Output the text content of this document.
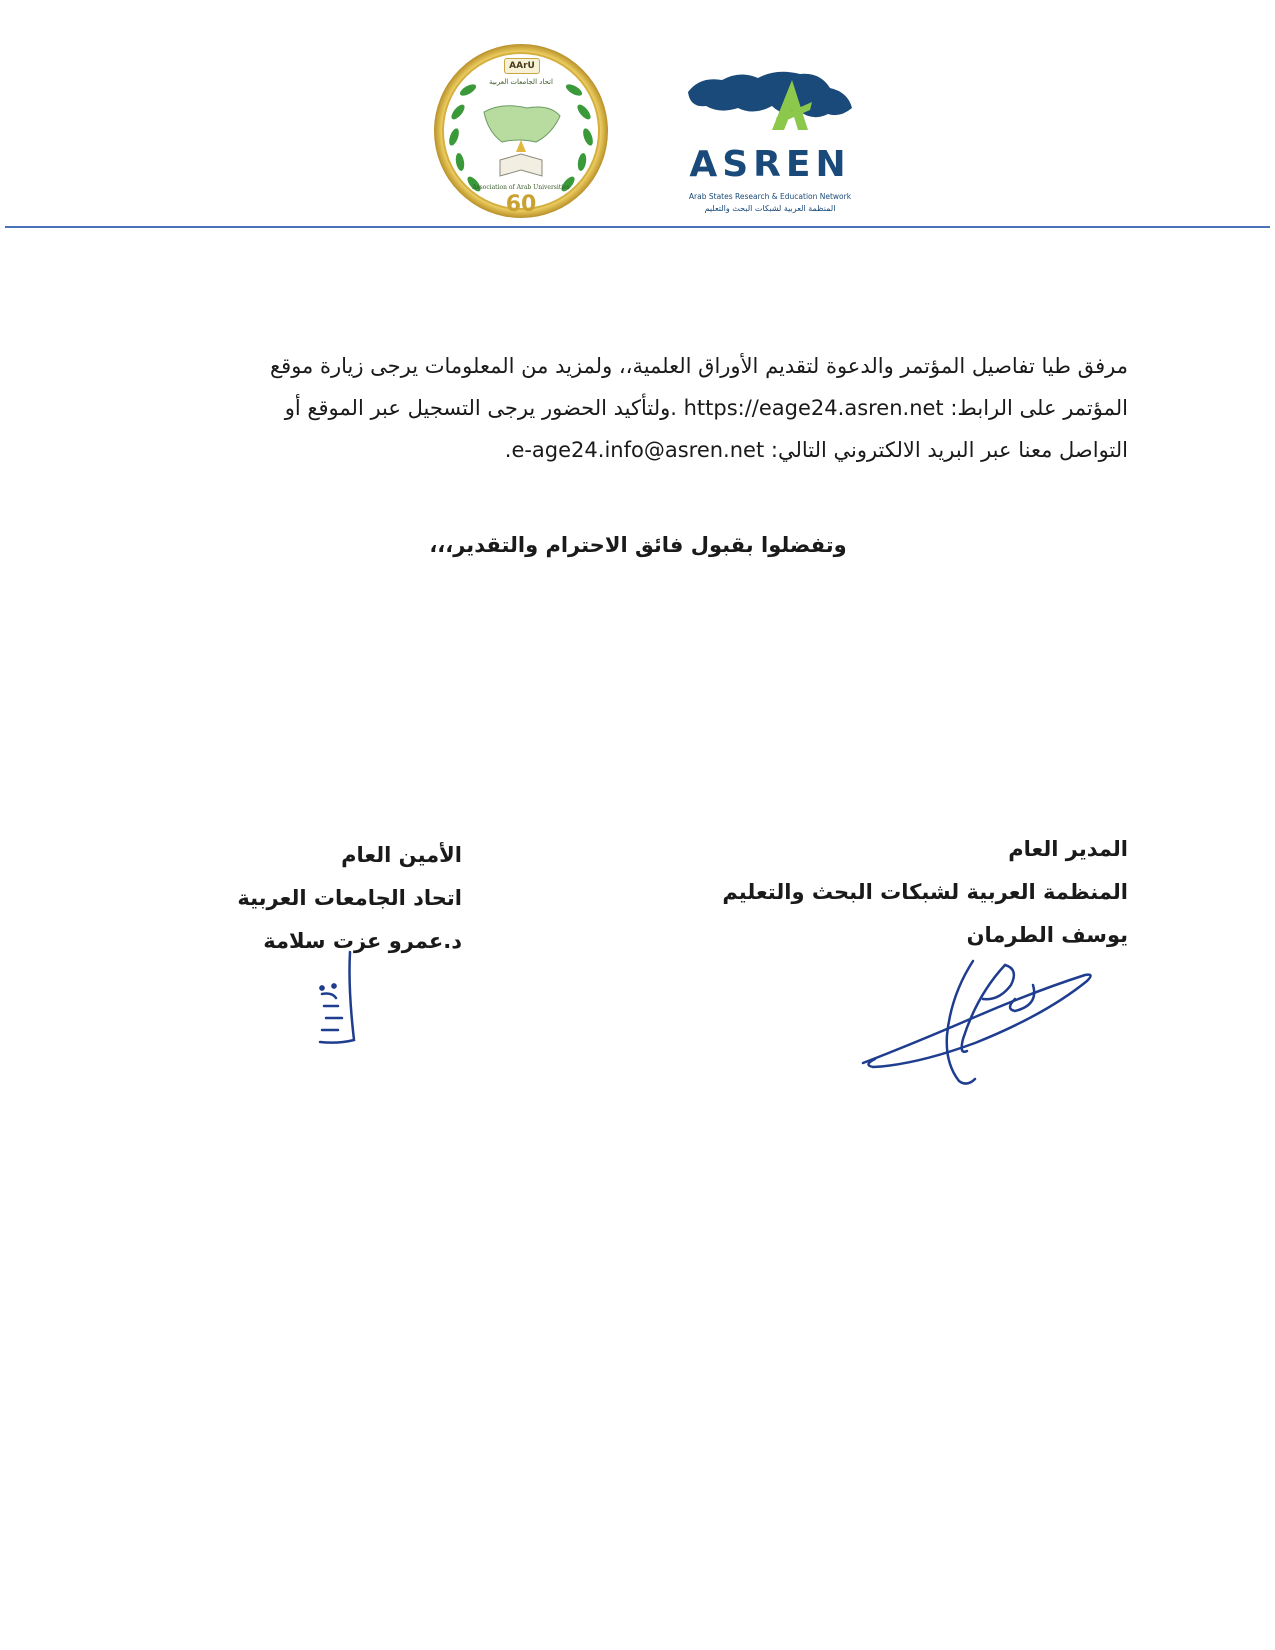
AArU
اتحاد الجامعات العربية
Association of Arab Universities
60
ASREN
Arab States Research & Education Network
المنظمة العربية لشبكات البحث والتعليم

مرفق طيا تفاصيل المؤتمر والدعوة لتقديم الأوراق العلمية،، ولمزيد من المعلومات يرجى زيارة موقع

المؤتمر على الرابط: https://eage24.asren.net .ولتأكيد الحضور يرجى التسجيل عبر الموقع أو

التواصل معنا عبر البريد الالكتروني التالي: e-age24.info@asren.net.

وتفضلوا بقبول فائق الاحترام والتقدير،،،
المدير العام
المنظمة العربية لشبكات البحث والتعليم
يوسف الطرمان
الأمين العام
اتحاد الجامعات العربية
د.عمرو عزت سلامة
